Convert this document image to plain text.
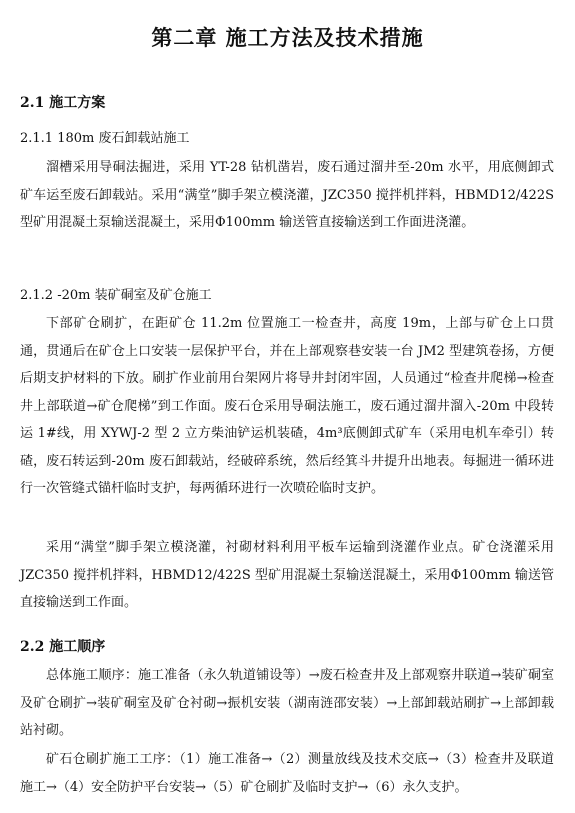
第二章 施工方法及技术措施
2.1 施工方案
2.1.1 180m 废石卸载站施工
溜槽采用导硐法掘进，采用 YT-28 钻机凿岩，废石通过溜井至-20m 水平，用底侧卸式矿车运至废石卸载站。采用“满堂”脚手架立模浇灌，JZC350 搅拌机拌料，HBMD12/422S 型矿用混凝土泵输送混凝土，采用Φ100mm 输送管直接输送到工作面进浇灌。
2.1.2 -20m 装矿硐室及矿仓施工
下部矿仓刷扩，在距矿仓 11.2m 位置施工一检查井，高度 19m，上部与矿仓上口贯通，贯通后在矿仓上口安装一层保护平台，并在上部观察巷安装一台 JM2 型建筑卷扬，方便后期支护材料的下放。刷扩作业前用台架网片将导井封闭牢固，人员通过“检查井爬梯→检查井上部联道→矿仓爬梯”到工作面。废石仓采用导硐法施工，废石通过溜井溜入-20m 中段转运 1#线，用 XYWJ-2 型 2 立方柴油铲运机装碴，4m³底侧卸式矿车（采用电机车牵引）转碴，废石转运到-20m 废石卸载站，经破碎系统，然后经箕斗井提升出地表。每掘进一循环进行一次管缝式锚杆临时支护，每两循环进行一次喷砼临时支护。
采用“满堂”脚手架立模浇灌，衬砌材料利用平板车运输到浇灌作业点。矿仓浇灌采用 JZC350 搅拌机拌料，HBMD12/422S 型矿用混凝土泵输送混凝土，采用Φ100mm 输送管直接输送到工作面。
2.2 施工顺序
总体施工顺序：施工准备（永久轨道铺设等）→废石检查井及上部观察井联道→装矿硐室及矿仓刷扩→装矿硐室及矿仓衬砌→振机安装（湖南涟邵安装）→上部卸载站刷扩→上部卸载站衬砌。
矿石仓刷扩施工工序：（1）施工准备→（2）测量放线及技术交底→（3）检查井及联道施工→（4）安全防护平台安装→（5）矿仓刷扩及临时支护→（6）永久支护。
